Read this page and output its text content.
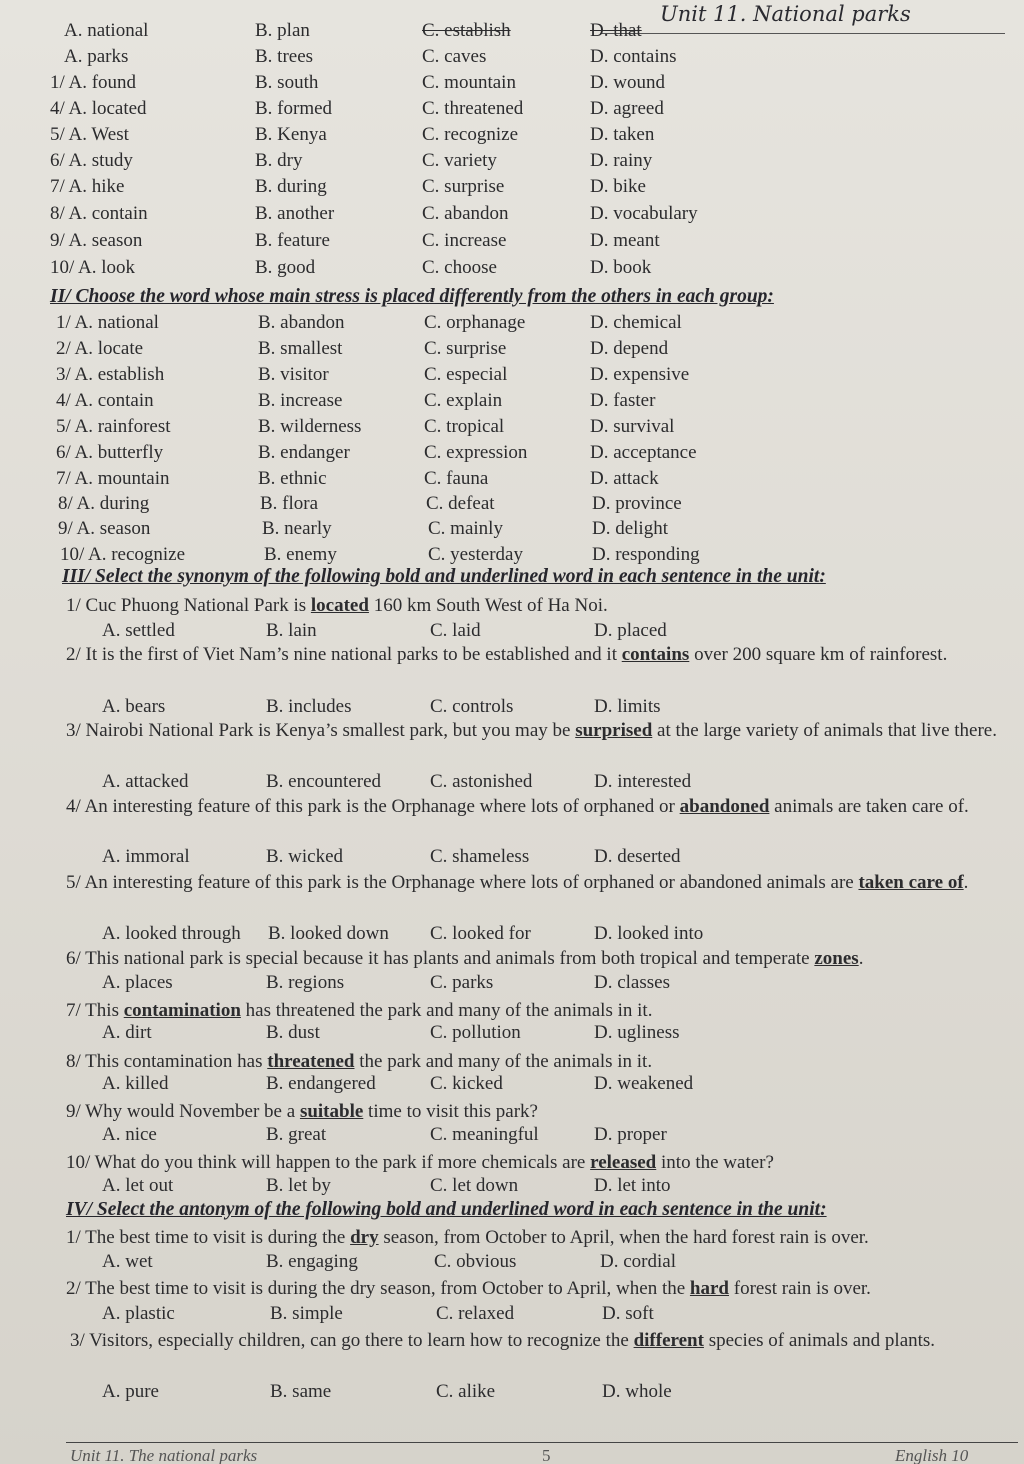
Unit 11. National parks
A. national	B. plan	C. establish	D. that
A. parks	B. trees	C. caves	D. contains
1/ A. found	B. south	C. mountain	D. wound
4/ A. located	B. formed	C. threatened	D. agreed
5/ A. West	B. Kenya	C. recognize	D. taken
6/ A. study	B. dry	C. variety	D. rainy
7/ A. hike	B. during	C. surprise	D. bike
8/ A. contain	B. another	C. abandon	D. vocabulary
9/ A. season	B. feature	C. increase	D. meant
10/ A. look	B. good	C. choose	D. book
II/ Choose the word whose main stress is placed differently from the others in each group:
1/ A. national	B. abandon	C. orphanage	D. chemical
2/ A. locate	B. smallest	C. surprise	D. depend
3/ A. establish	B. visitor	C. especial	D. expensive
4/ A. contain	B. increase	C. explain	D. faster
5/ A. rainforest	B. wilderness	C. tropical	D. survival
6/ A. butterfly	B. endanger	C. expression	D. acceptance
7/ A. mountain	B. ethnic	C. fauna	D. attack
8/ A. during	B. flora	C. defeat	D. province
9/ A. season	B. nearly	C. mainly	D. delight
10/ A. recognize	B. enemy	C. yesterday	D. responding
III/ Select the synonym of the following bold and underlined word in each sentence in the unit:
1/ Cuc Phuong National Park is located 160 km South West of Ha Noi.
A. settled	B. lain	C. laid	D. placed
2/ It is the first of Viet Nam’s nine national parks to be established and it contains over 200 square km of rainforest.
A. bears	B. includes	C. controls	D. limits
3/ Nairobi National Park is Kenya’s smallest park, but you may be surprised at the large variety of animals that live there.
A. attacked	B. encountered	C. astonished	D. interested
4/ An interesting feature of this park is the Orphanage where lots of orphaned or abandoned animals are taken care of.
A. immoral	B. wicked	C. shameless	D. deserted
5/ An interesting feature of this park is the Orphanage where lots of orphaned or abandoned animals are taken care of.
A. looked through B. looked down C. looked for	D. looked into
6/ This national park is special because it has plants and animals from both tropical and temperate zones.
A. places	B. regions	C. parks	D. classes
7/ This contamination has threatened the park and many of the animals in it.
A. dirt	B. dust	C. pollution	D. ugliness
8/ This contamination has threatened the park and many of the animals in it.
A. killed	B. endangered	C. kicked	D. weakened
9/ Why would November be a suitable time to visit this park?
A. nice	B. great	C. meaningful	D. proper
10/ What do you think will happen to the park if more chemicals are released into the water?
A. let out	B. let by	C. let down	D. let into
IV/ Select the antonym of the following bold and underlined word in each sentence in the unit:
1/ The best time to visit is during the dry season, from October to April, when the hard forest rain is over.
A. wet	B. engaging	C. obvious	D. cordial
2/ The best time to visit is during the dry season, from October to April, when the hard forest rain is over.
A. plastic	B. simple	C. relaxed	D. soft
3/ Visitors, especially children, can go there to learn how to recognize the different species of animals and plants.
A. pure	B. same	C. alike	D. whole
Unit 11. The national parks	5	English 10
